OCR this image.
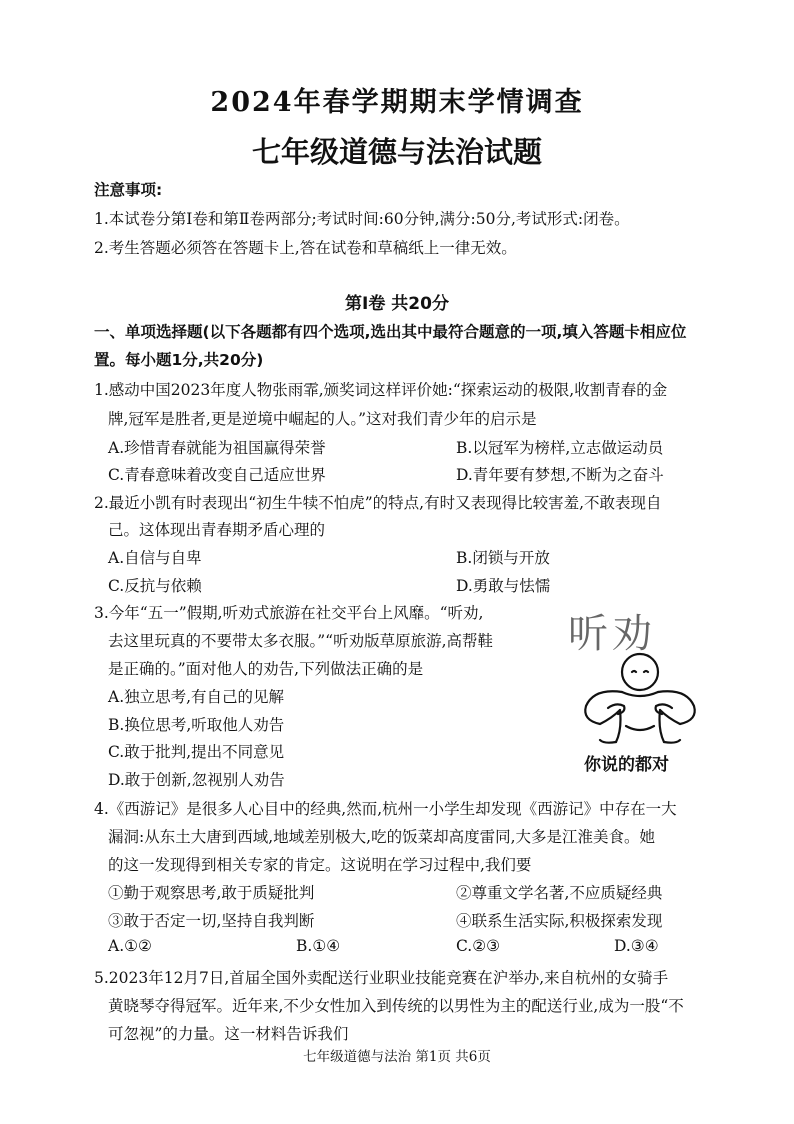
2024年春学期期末学情调查
七年级道德与法治试题
注意事项:
1.本试卷分第Ⅰ卷和第Ⅱ卷两部分;考试时间:60分钟,满分:50分,考试形式:闭卷。
2.考生答题必须答在答题卡上,答在试卷和草稿纸上一律无效。
第Ⅰ卷 共20分
一、单项选择题(以下各题都有四个选项,选出其中最符合题意的一项,填入答题卡相应位
置。每小题1分,共20分)
1.感动中国2023年度人物张雨霏,颁奖词这样评价她:“探索运动的极限,收割青春的金
牌,冠军是胜者,更是逆境中崛起的人。”这对我们青少年的启示是
A.珍惜青春就能为祖国赢得荣誉	B.以冠军为榜样,立志做运动员
C.青春意味着改变自己适应世界	D.青年要有梦想,不断为之奋斗
2.最近小凯有时表现出“初生牛犊不怕虎”的特点,有时又表现得比较害羞,不敢表现自
己。这体现出青春期矛盾心理的
A.自信与自卑	B.闭锁与开放
C.反抗与依赖	D.勇敢与怯懦
3.今年“五一”假期,听劝式旅游在社交平台上风靡。“听劝,
去这里玩真的不要带太多衣服。”“听劝版草原旅游,高帮鞋
是正确的。”面对他人的劝告,下列做法正确的是
A.独立思考,有自己的见解
B.换位思考,听取他人劝告
C.敢于批判,提出不同意见
D.敢于创新,忽视别人劝告
听劝
你说的都对
4.《西游记》是很多人心目中的经典,然而,杭州一小学生却发现《西游记》中存在一大
漏洞:从东土大唐到西域,地域差别极大,吃的饭菜却高度雷同,大多是江淮美食。她
的这一发现得到相关专家的肯定。这说明在学习过程中,我们要
①勤于观察思考,敢于质疑批判	②尊重文学名著,不应质疑经典
③敢于否定一切,坚持自我判断	④联系生活实际,积极探索发现
A.①②	B.①④	C.②③	D.③④
5.2023年12月7日,首届全国外卖配送行业职业技能竞赛在沪举办,来自杭州的女骑手
黄晓琴夺得冠军。近年来,不少女性加入到传统的以男性为主的配送行业,成为一股“不
可忽视”的力量。这一材料告诉我们
七年级道德与法治 第1页 共6页
